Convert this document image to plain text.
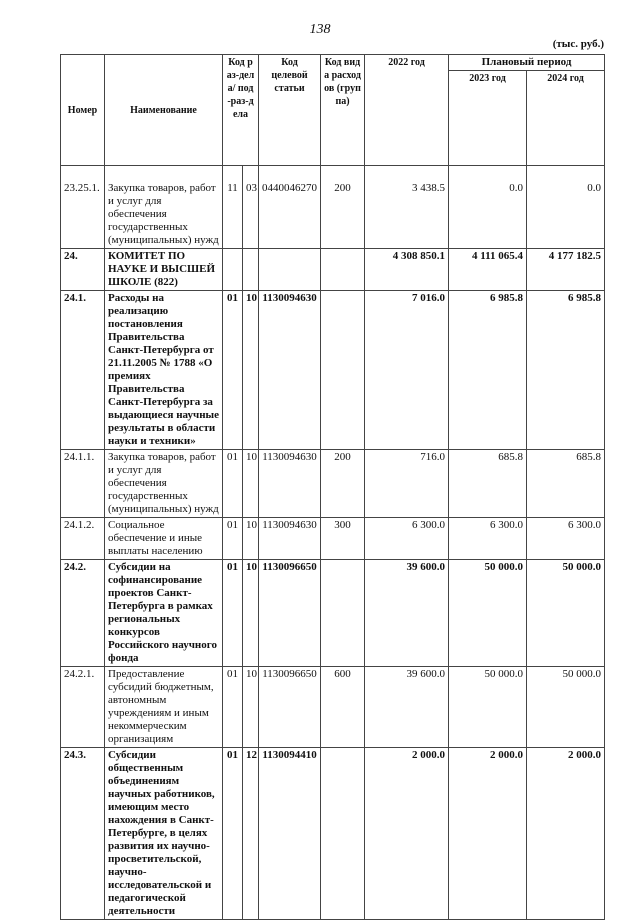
138
(тыс. руб.)
Номер	Наименование	Код раз-дела/ под-раз-дела		Код целевой статьи	Код вида расходов (группа)	2022 год	Плановый период	
							2023 год	2024 год
23.25.1.	Закупка товаров, работ и услуг для обеспечения государственных (муниципальных) нужд	11	03	0440046270	200	3 438.5	0.0	0.0
24.	КОМИТЕТ ПО НАУКЕ И ВЫСШЕЙ ШКОЛЕ (822)					4 308 850.1	4 111 065.4	4 177 182.5
24.1.	Расходы на реализацию постановления Правительства Санкт-Петербурга от 21.11.2005 № 1788 «О премиях Правительства Санкт-Петербурга за выдающиеся научные результаты в области науки и техники»	01	10	1130094630		7 016.0	6 985.8	6 985.8
24.1.1.	Закупка товаров, работ и услуг для обеспечения государственных (муниципальных) нужд	01	10	1130094630	200	716.0	685.8	685.8
24.1.2.	Социальное обеспечение и иные выплаты населению	01	10	1130094630	300	6 300.0	6 300.0	6 300.0
24.2.	Субсидии на софинансирование проектов Санкт-Петербурга в рамках региональных конкурсов Российского научного фонда	01	10	1130096650		39 600.0	50 000.0	50 000.0
24.2.1.	Предоставление субсидий бюджетным, автономным учреждениям и иным некоммерческим организациям	01	10	1130096650	600	39 600.0	50 000.0	50 000.0
24.3.	Субсидии общественным объединениям научных работников, имеющим место нахождения в Санкт-Петербурге, в целях развития их научно-просветительской, научно-исследовательской и педагогической деятельности	01	12	1130094410		2 000.0	2 000.0	2 000.0
